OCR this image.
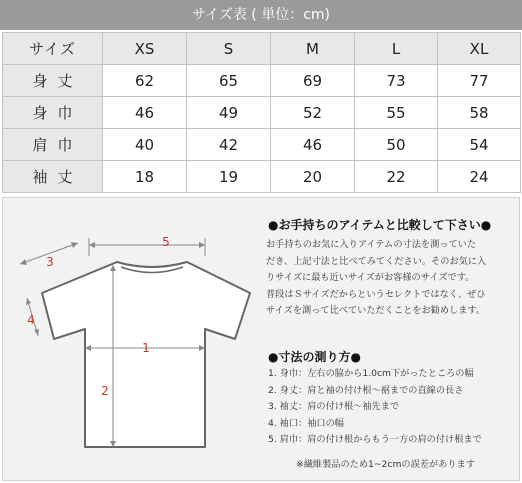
サイズ表 ( 単位：cm)
サイズ	XS	S	M	L	XL
身丈	62	65	69	73	77
身巾	46	49	52	55	58
肩巾	40	42	46	50	54
袖丈	18	19	20	22	24
5
3
4
1
2
●お手持ちのアイテムと比較して下さい●
お手持ちのお気に入りアイテムの寸法を測っていた
だき、上記寸法と比べてみてください。そのお気に入
りサイズに最も近いサイズがお客様のサイズです。
普段はＳサイズだからというセレクトではなく、ぜひ
サイズを測って比べていただくことをお勧めします。
●寸法の測り方●
1. 身巾：左右の脇から1.0cm下がったところの幅
2. 身丈：肩と袖の付け根～裾までの直線の長さ
3. 袖丈：肩の付け根～袖先まで
4. 袖口：袖口の幅
5. 肩巾：肩の付け根からもう一方の肩の付け根まで
※繊維製品のため1~2cmの誤差があります
